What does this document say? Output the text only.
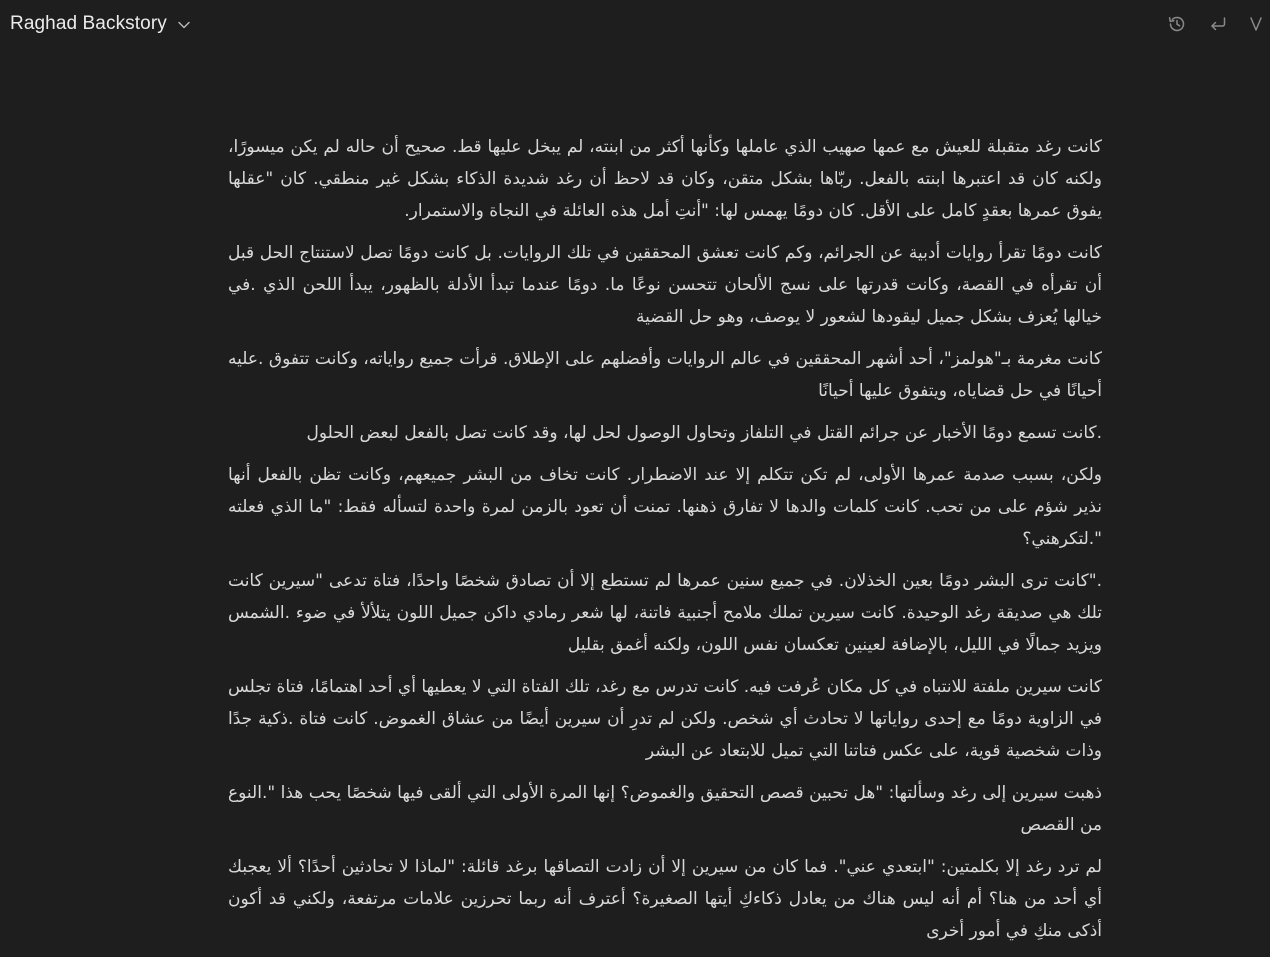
Raghad Backstory

كانت رغد متقبلة للعيش مع عمها صهيب الذي عاملها وكأنها أكثر من ابنته، لم يبخل عليها قط. صحيح أن حاله لم يكن ميسورًا، ولكنه كان قد اعتبرها ابنته بالفعل. ربّاها بشكل متقن، وكان قد لاحظ أن رغد شديدة الذكاء بشكل غير منطقي. كان "عقلها يفوق عمرها بعقدٍ كامل على الأقل. كان دومًا يهمس لها: "أنتِ أمل هذه العائلة في النجاة والاستمرار.

كانت دومًا تقرأ روايات أدبية عن الجرائم، وكم كانت تعشق المحققين في تلك الروايات. بل كانت دومًا تصل لاستنتاج الحل قبل أن تقرأه في القصة، وكانت قدرتها على نسج الألحان تتحسن نوعًا ما. دومًا عندما تبدأ الأدلة بالظهور، يبدأ اللحن الذي .في خيالها يُعزف بشكل جميل ليقودها لشعور لا يوصف، وهو حل القضية

كانت مغرمة بـ"هولمز"، أحد أشهر المحققين في عالم الروايات وأفضلهم على الإطلاق. قرأت جميع رواياته، وكانت تتفوق .عليه أحيانًا في حل قضاياه، ويتفوق عليها أحيانًا

.كانت تسمع دومًا الأخبار عن جرائم القتل في التلفاز وتحاول الوصول لحل لها، وقد كانت تصل بالفعل لبعض الحلول

ولكن، بسبب صدمة عمرها الأولى، لم تكن تتكلم إلا عند الاضطرار. كانت تخاف من البشر جميعهم، وكانت تظن بالفعل أنها نذير شؤم على من تحب. كانت كلمات والدها لا تفارق ذهنها. تمنت أن تعود بالزمن لمرة واحدة لتسأله فقط: "ما الذي فعلته ".لتكرهني؟

."كانت ترى البشر دومًا بعين الخذلان. في جميع سنين عمرها لم تستطع إلا أن تصادق شخصًا واحدًا، فتاة تدعى "سيرين كانت تلك هي صديقة رغد الوحيدة. كانت سيرين تملك ملامح أجنبية فاتنة، لها شعر رمادي داكن جميل اللون يتلألأ في ضوء .الشمس ويزيد جمالًا في الليل، بالإضافة لعينين تعكسان نفس اللون، ولكنه أغمق بقليل

كانت سيرين ملفتة للانتباه في كل مكان عُرفت فيه. كانت تدرس مع رغد، تلك الفتاة التي لا يعطيها أي أحد اهتمامًا، فتاة تجلس في الزاوية دومًا مع إحدى رواياتها لا تحادث أي شخص. ولكن لم تدرِ أن سيرين أيضًا من عشاق الغموض. كانت فتاة .ذكية جدًا وذات شخصية قوية، على عكس فتاتنا التي تميل للابتعاد عن البشر

ذهبت سيرين إلى رغد وسألتها: "هل تحبين قصص التحقيق والغموض؟ إنها المرة الأولى التي ألقى فيها شخصًا يحب هذا ".النوع من القصص

لم ترد رغد إلا بكلمتين: "ابتعدي عني". فما كان من سيرين إلا أن زادت التصاقها برغد قائلة: "لماذا لا تحادثين أحدًا؟ ألا يعجبك أي أحد من هنا؟ أم أنه ليس هناك من يعادل ذكاءكِ أيتها الصغيرة؟ أعترف أنه ربما تحرزين علامات مرتفعة، ولكني قد أكون أذكى منكِ في أمور أخرى
